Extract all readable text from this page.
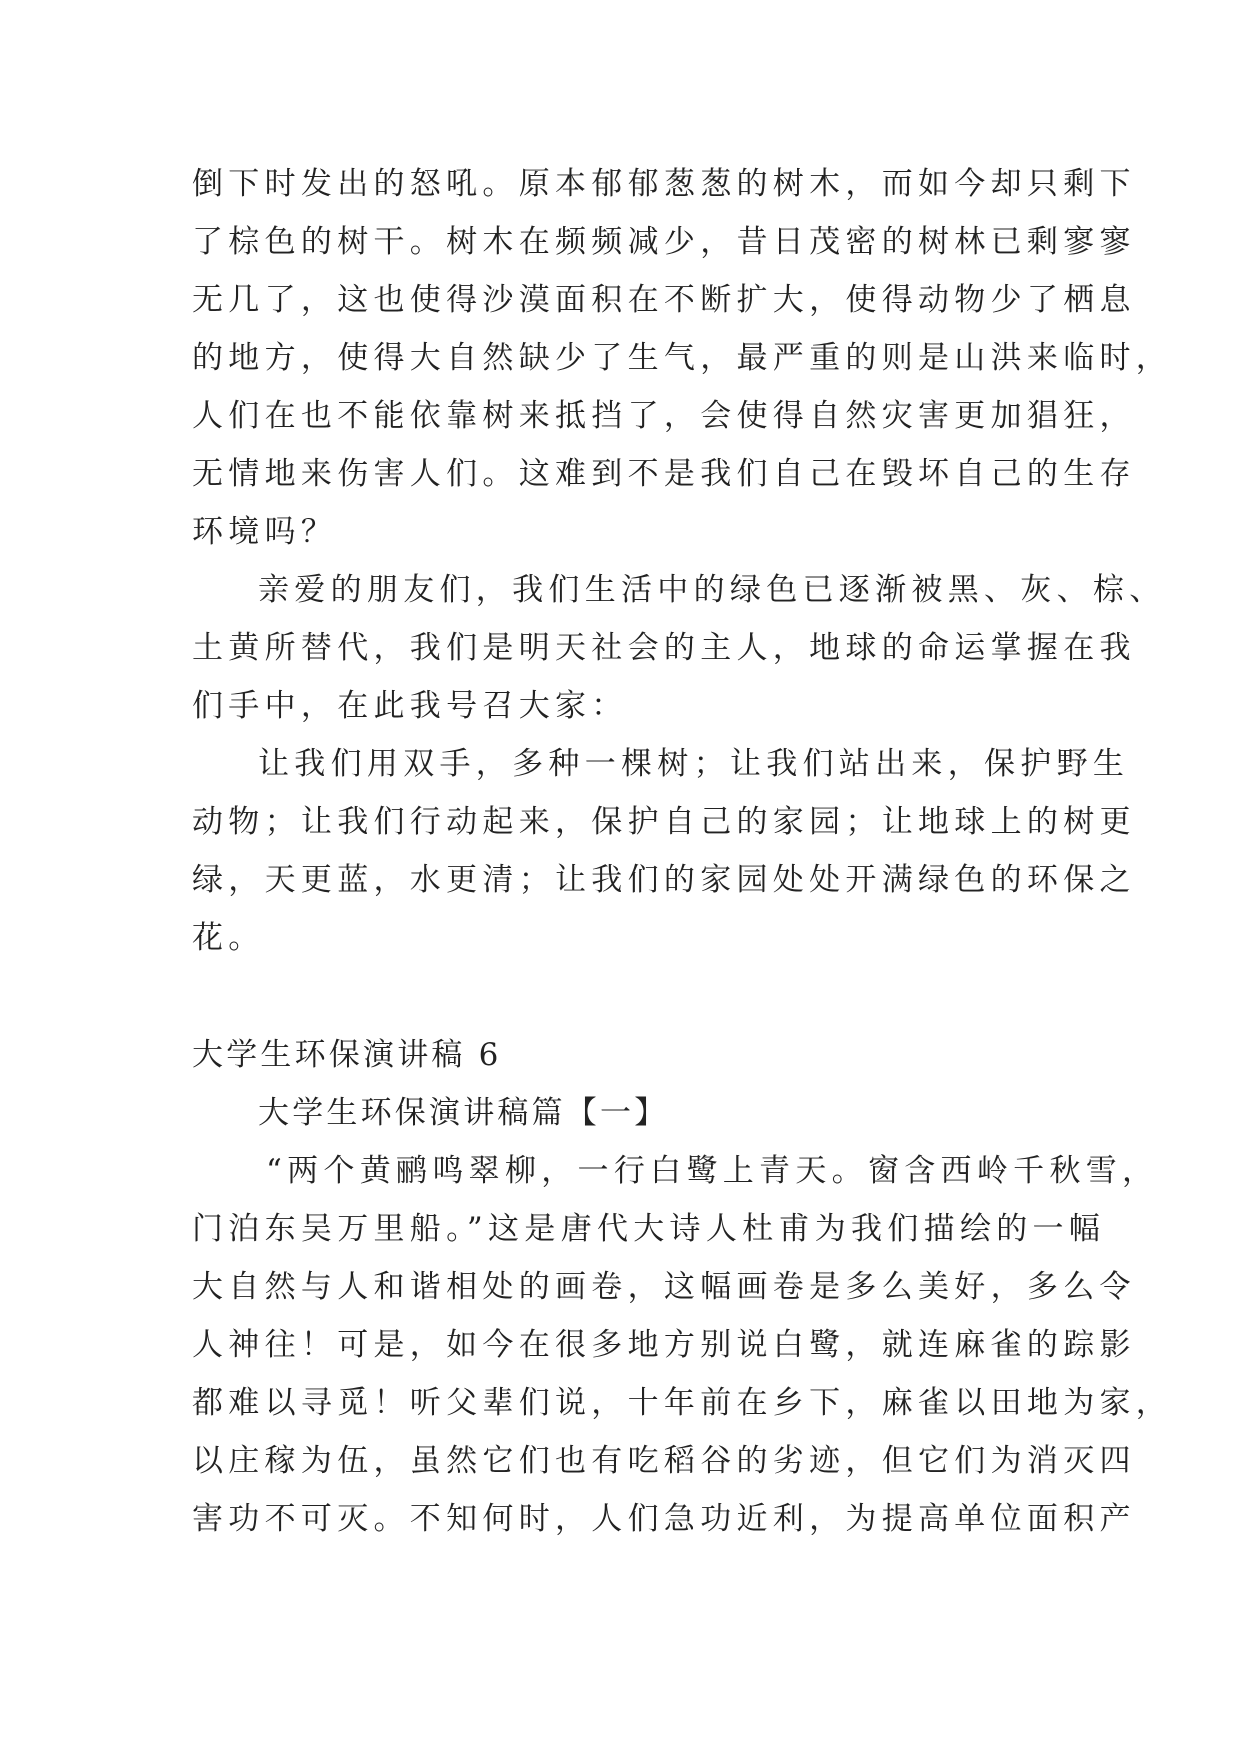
倒下时发出的怒吼。原本郁郁葱葱的树木，而如今却只剩下
了棕色的树干。树木在频频减少，昔日茂密的树林已剩寥寥
无几了，这也使得沙漠面积在不断扩大，使得动物少了栖息
的地方，使得大自然缺少了生气，最严重的则是山洪来临时，
人们在也不能依靠树来抵挡了，会使得自然灾害更加猖狂，
无情地来伤害人们。这难到不是我们自己在毁坏自己的生存
环境吗？
亲爱的朋友们，我们生活中的绿色已逐渐被黑、灰、棕、
土黄所替代，我们是明天社会的主人，地球的命运掌握在我
们手中，在此我号召大家：
让我们用双手，多种一棵树；让我们站出来，保护野生
动物；让我们行动起来，保护自己的家园；让地球上的树更
绿，天更蓝，水更清；让我们的家园处处开满绿色的环保之
花。
大学生环保演讲稿 6
大学生环保演讲稿篇【一】
“两个黄鹂鸣翠柳，一行白鹭上青天。窗含西岭千秋雪，
门泊东吴万里船。”这是唐代大诗人杜甫为我们描绘的一幅
大自然与人和谐相处的画卷，这幅画卷是多么美好，多么令
人神往！可是，如今在很多地方别说白鹭，就连麻雀的踪影
都难以寻觅！听父辈们说，十年前在乡下，麻雀以田地为家，
以庄稼为伍，虽然它们也有吃稻谷的劣迹，但它们为消灭四
害功不可灭。不知何时，人们急功近利，为提高单位面积产
